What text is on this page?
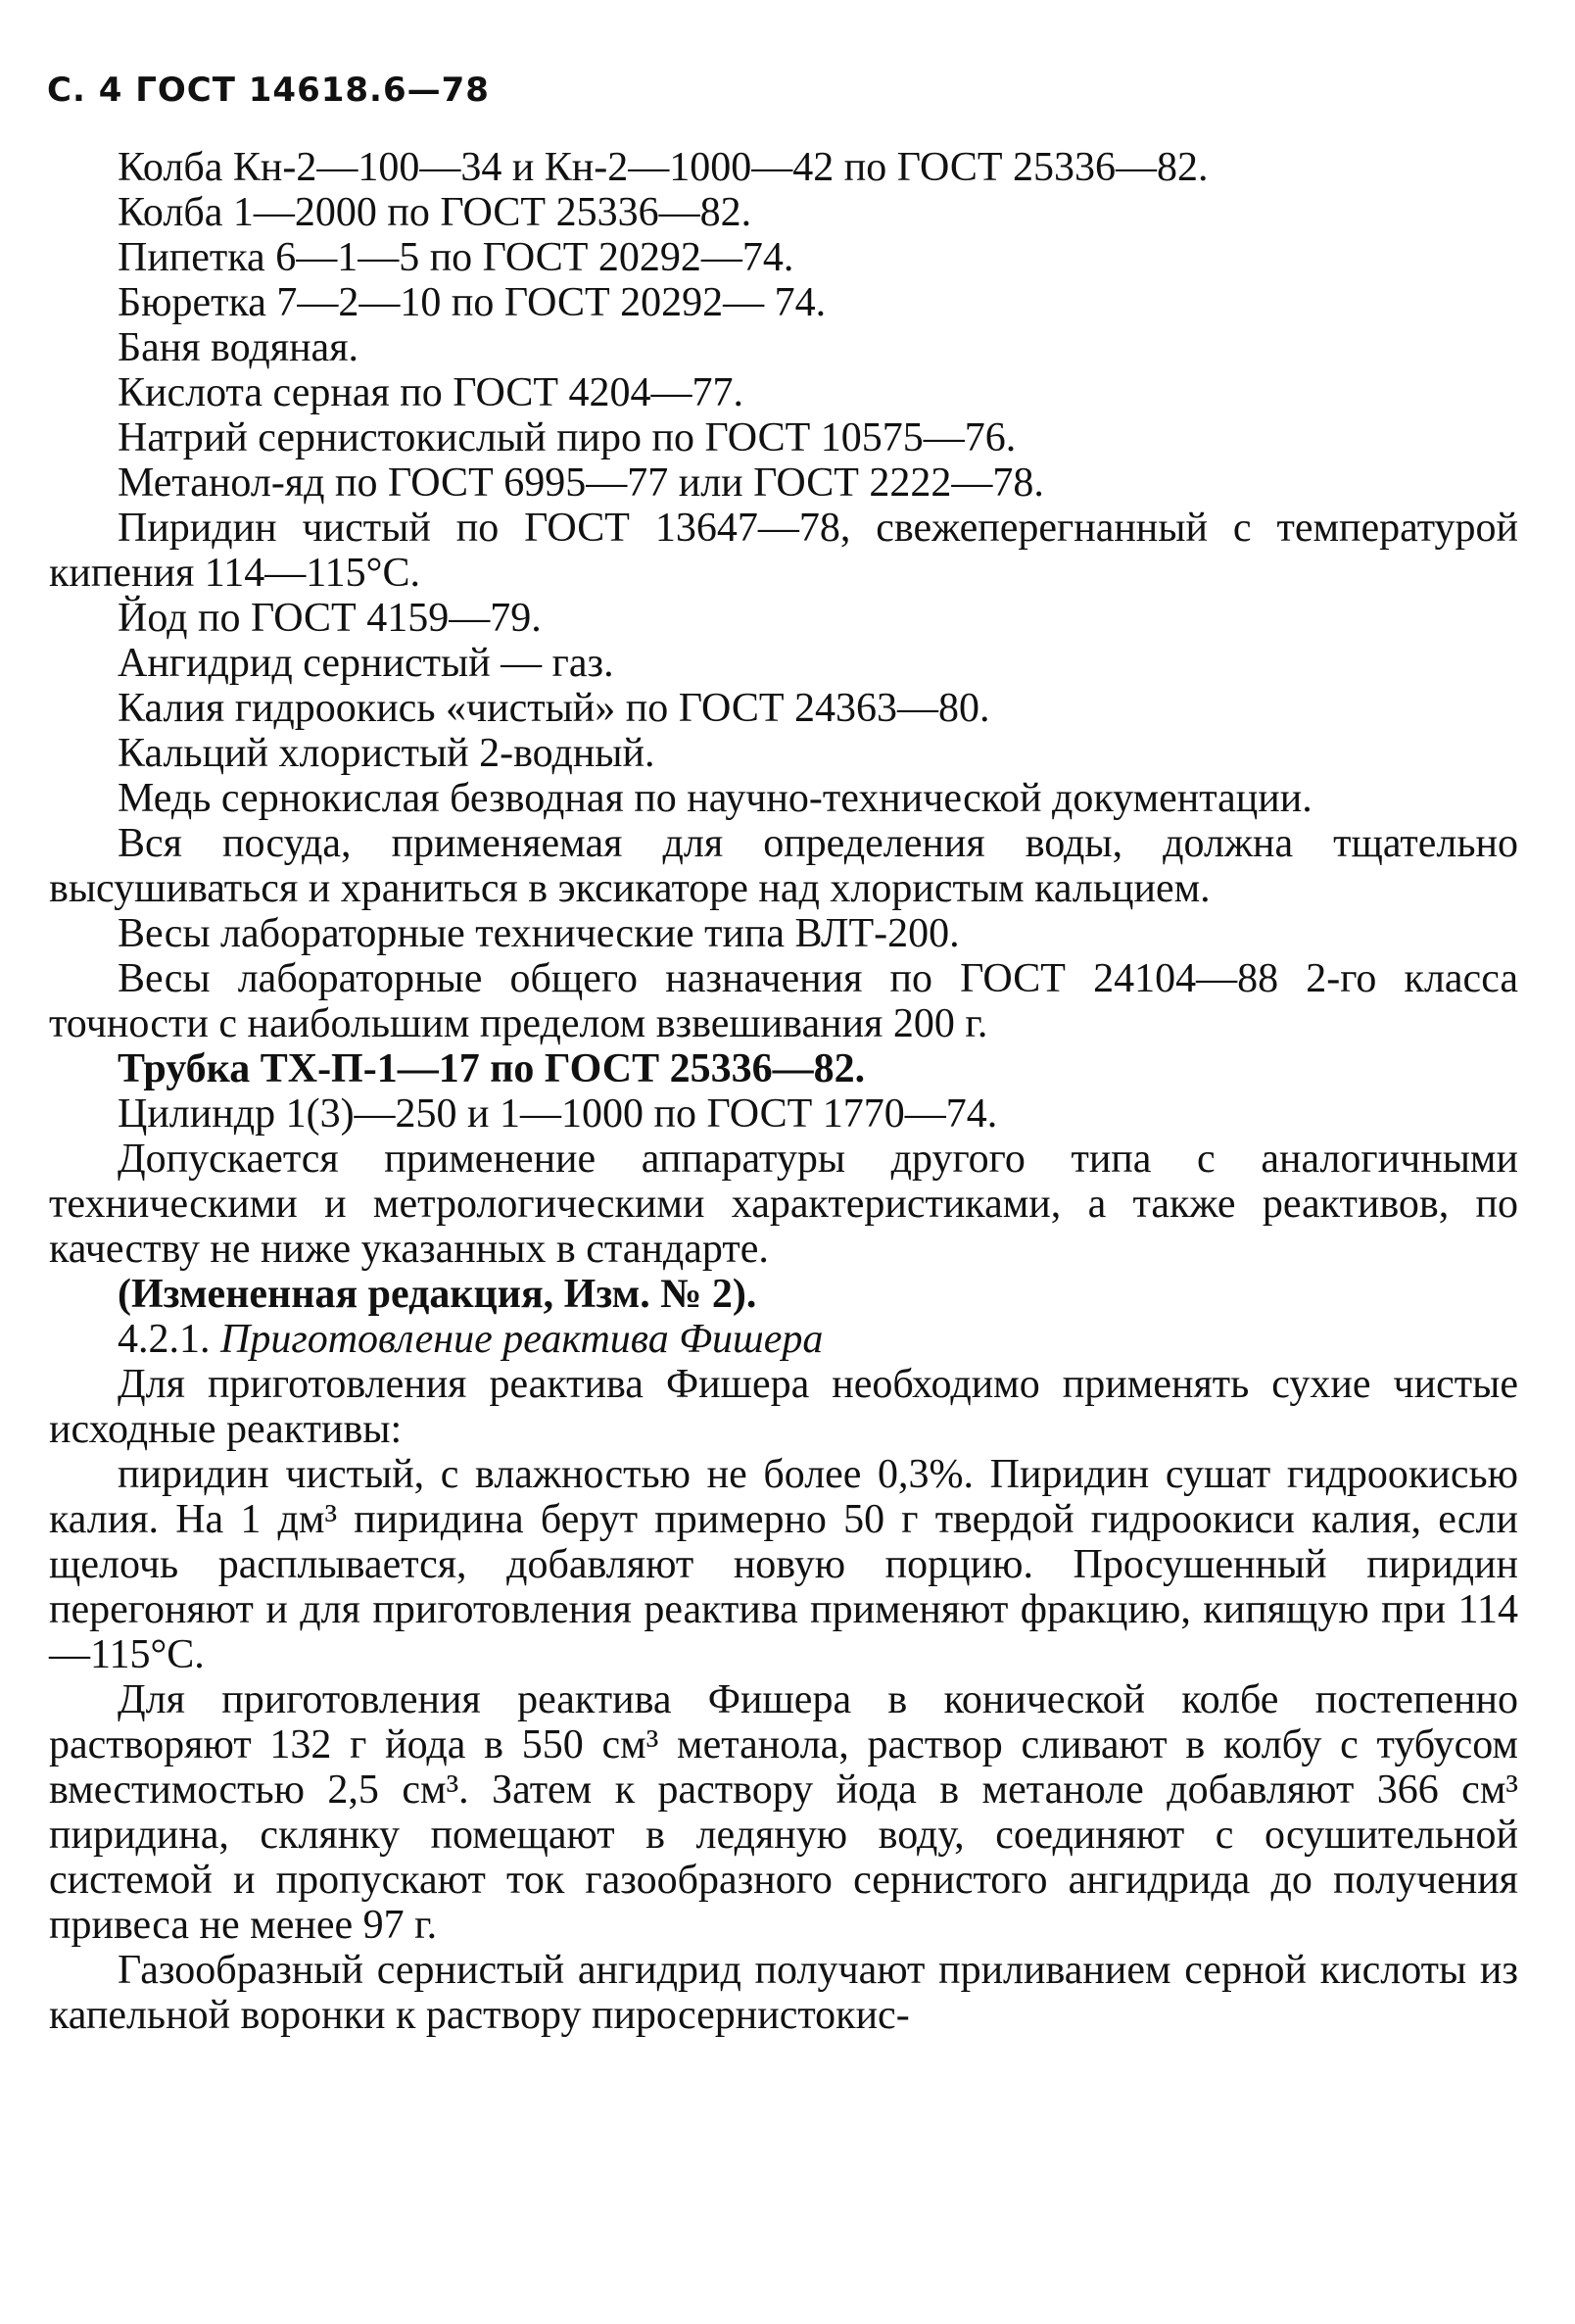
С. 4 ГОСТ 14618.6—78

Колба Кн-2—100—34 и Кн-2—1000—42 по ГОСТ 25336—82.

Колба 1—2000 по ГОСТ 25336—82.

Пипетка 6—1—5 по ГОСТ 20292—74.

Бюретка 7—2—10 по ГОСТ 20292— 74.

Баня водяная.

Кислота серная по ГОСТ 4204—77.

Натрий сернистокислый пиро по ГОСТ 10575—76.

Метанол-яд по ГОСТ 6995—77 или ГОСТ 2222—78.

Пиридин чистый по ГОСТ 13647—78, свежеперегнанный с температурой кипения 114—115°С.

Йод по ГОСТ 4159—79.

Ангидрид сернистый — газ.

Калия гидроокись «чистый» по ГОСТ 24363—80.

Кальций хлористый 2-водный.

Медь сернокислая безводная по научно-технической документации.

Вся посуда, применяемая для определения воды, должна тщательно высушиваться и храниться в эксикаторе над хлористым кальцием.

Весы лабораторные технические типа ВЛТ-200.

Весы лабораторные общего назначения по ГОСТ 24104—88 2-го класса точности с наибольшим пределом взвешивания 200 г.

Трубка ТХ-П-1—17 по ГОСТ 25336—82.

Цилиндр 1(3)—250 и 1—1000 по ГОСТ 1770—74.

Допускается применение аппаратуры другого типа с аналогичными техническими и метрологическими характеристиками, а также реактивов, по качеству не ниже указанных в стандарте.

(Измененная редакция, Изм. № 2).

4.2.1. Приготовление реактива Фишера

Для приготовления реактива Фишера необходимо применять сухие чистые исходные реактивы:

пиридин чистый, с влажностью не более 0,3%. Пиридин сушат гидроокисью калия. На 1 дм³ пиридина берут примерно 50 г твердой гидроокиси калия, если щелочь расплывается, добавляют новую порцию. Просушенный пиридин перегоняют и для приготовления реактива применяют фракцию, кипящую при 114—115°С.

Для приготовления реактива Фишера в конической колбе постепенно растворяют 132 г йода в 550 см³ метанола, раствор сливают в колбу с тубусом вместимостью 2,5 см³. Затем к раствору йода в метаноле добавляют 366 см³ пиридина, склянку помещают в ледяную воду, соединяют с осушительной системой и пропускают ток газообразного сернистого ангидрида до получения привеса не менее 97 г.

Газообразный сернистый ангидрид получают приливанием серной кислоты из капельной воронки к раствору пиросернистокис-
